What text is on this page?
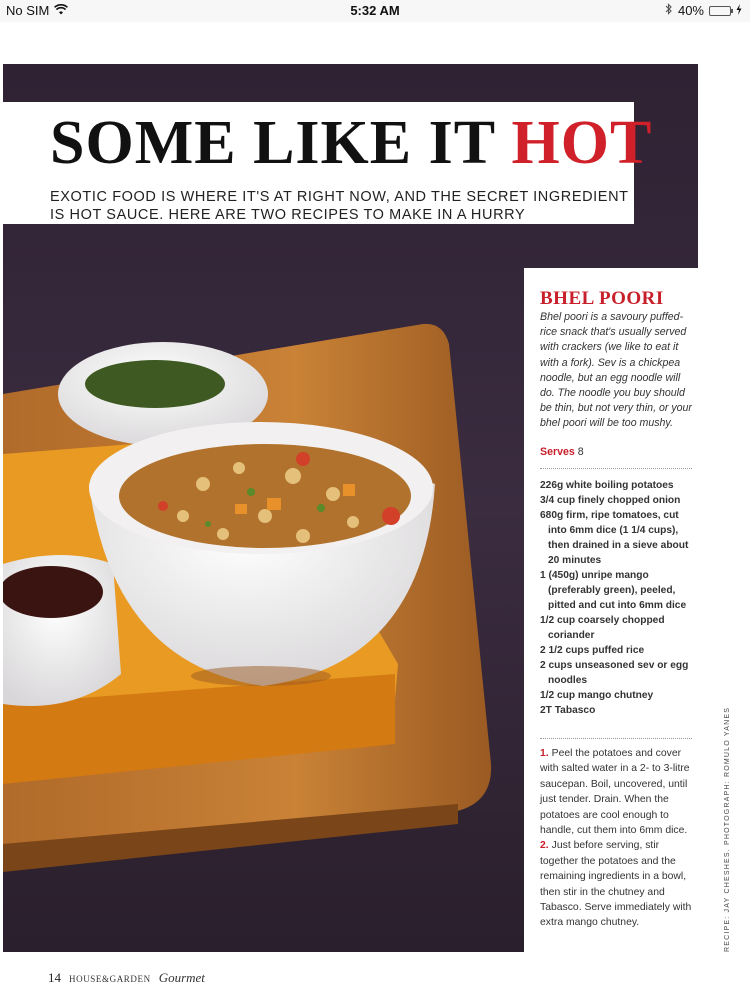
No SIM	5:32 AM	40%
SOME LIKE IT HOT

EXOTIC FOOD IS WHERE IT'S AT RIGHT NOW, AND THE SECRET INGREDIENT IS HOT SAUCE. HERE ARE TWO RECIPES TO MAKE IN A HURRY

BHEL POORI

Bhel poori is a savoury puffed-rice snack that's usually served with crackers (we like to eat it with a fork). Sev is a chickpea noodle, but an egg noodle will do. The noodle you buy should be thin, but not very thin, or your bhel poori will be too mushy.

Serves 8

226g white boiling potatoes
3/4 cup finely chopped onion
680g firm, ripe tomatoes, cut into 6mm dice (1 1/4 cups), then drained in a sieve about 20 minutes
1 (450g) unripe mango (preferably green), peeled, pitted and cut into 6mm dice
1/2 cup coarsely chopped coriander
2 1/2 cups puffed rice
2 cups unseasoned sev or egg noodles
1/2 cup mango chutney
2T Tabasco

1. Peel the potatoes and cover with salted water in a 2- to 3-litre saucepan. Boil, uncovered, until just tender. Drain. When the potatoes are cool enough to handle, cut them into 6mm dice.

2. Just before serving, stir together the potatoes and the remaining ingredients in a bowl, then stir in the chutney and Tabasco. Serve immediately with extra mango chutney.	RECIPE: JAY CHESHES. PHOTOGRAPH: ROMULO YANES
14 HOUSE&GARDEN Gourmet
